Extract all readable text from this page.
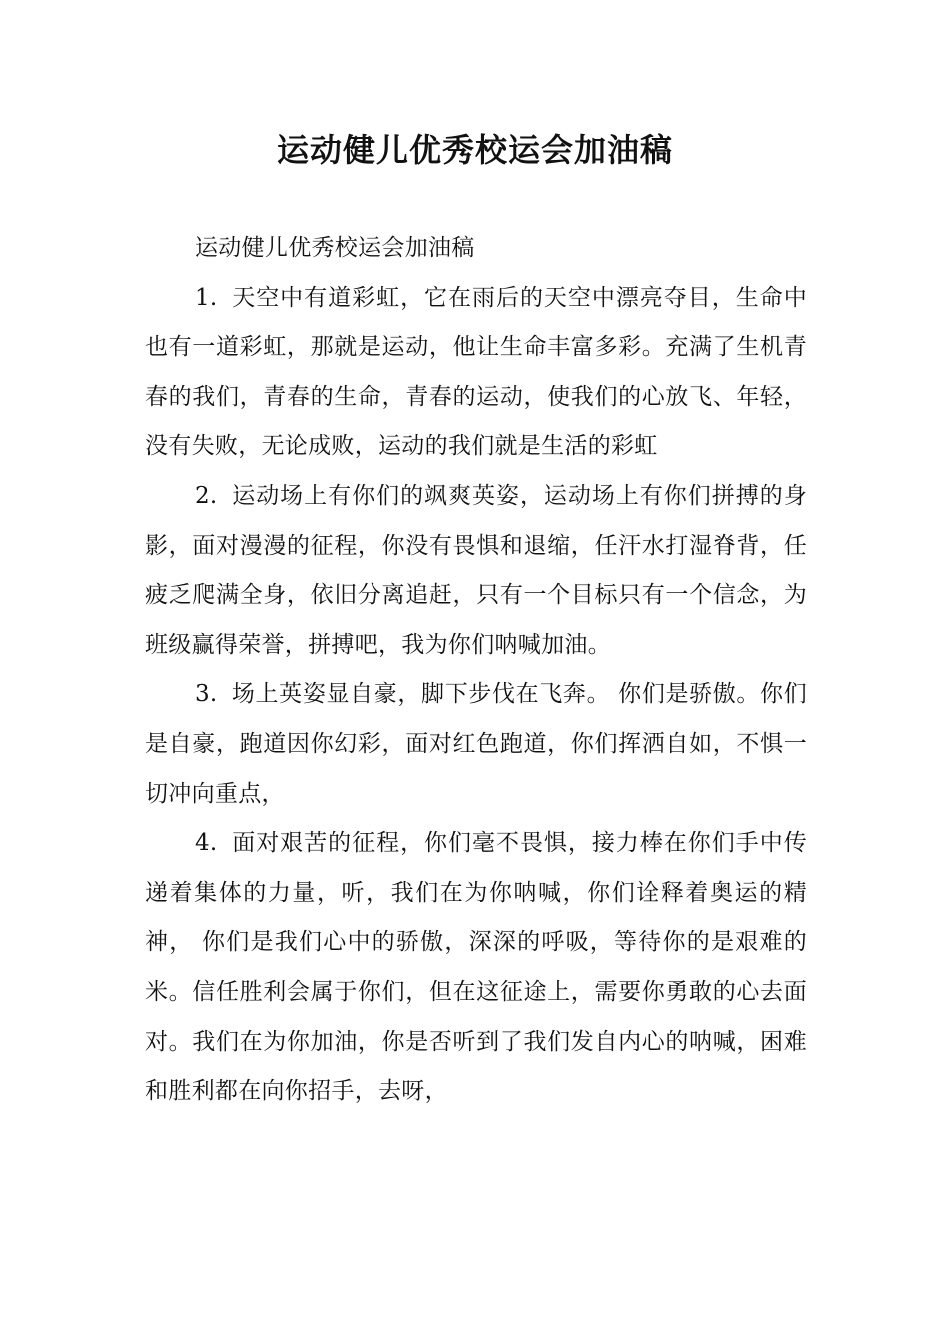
运动健儿优秀校运会加油稿

运动健儿优秀校运会加油稿

1. 天空中有道彩虹，它在雨后的天空中漂亮夺目，生命中也有一道彩虹，那就是运动，他让生命丰富多彩。充满了生机青春的我们，青春的生命，青春的运动，使我们的心放飞、年轻，没有失败，无论成败，运动的我们就是生活的彩虹

2. 运动场上有你们的飒爽英姿，运动场上有你们拼搏的身影，面对漫漫的征程，你没有畏惧和退缩，任汗水打湿脊背，任疲乏爬满全身，依旧分离追赶，只有一个目标只有一个信念，为班级赢得荣誉，拼搏吧，我为你们呐喊加油。

3. 场上英姿显自豪，脚下步伐在飞奔。 你们是骄傲。你们是自豪，跑道因你幻彩，面对红色跑道，你们挥洒自如，不惧一切冲向重点，

4. 面对艰苦的征程，你们毫不畏惧，接力棒在你们手中传递着集体的力量，听，我们在为你呐喊，你们诠释着奥运的精神， 你们是我们心中的骄傲，深深的呼吸，等待你的是艰难的米。信任胜利会属于你们，但在这征途上，需要你勇敢的心去面对。我们在为你加油，你是否听到了我们发自内心的呐喊，困难和胜利都在向你招手，去呀，
